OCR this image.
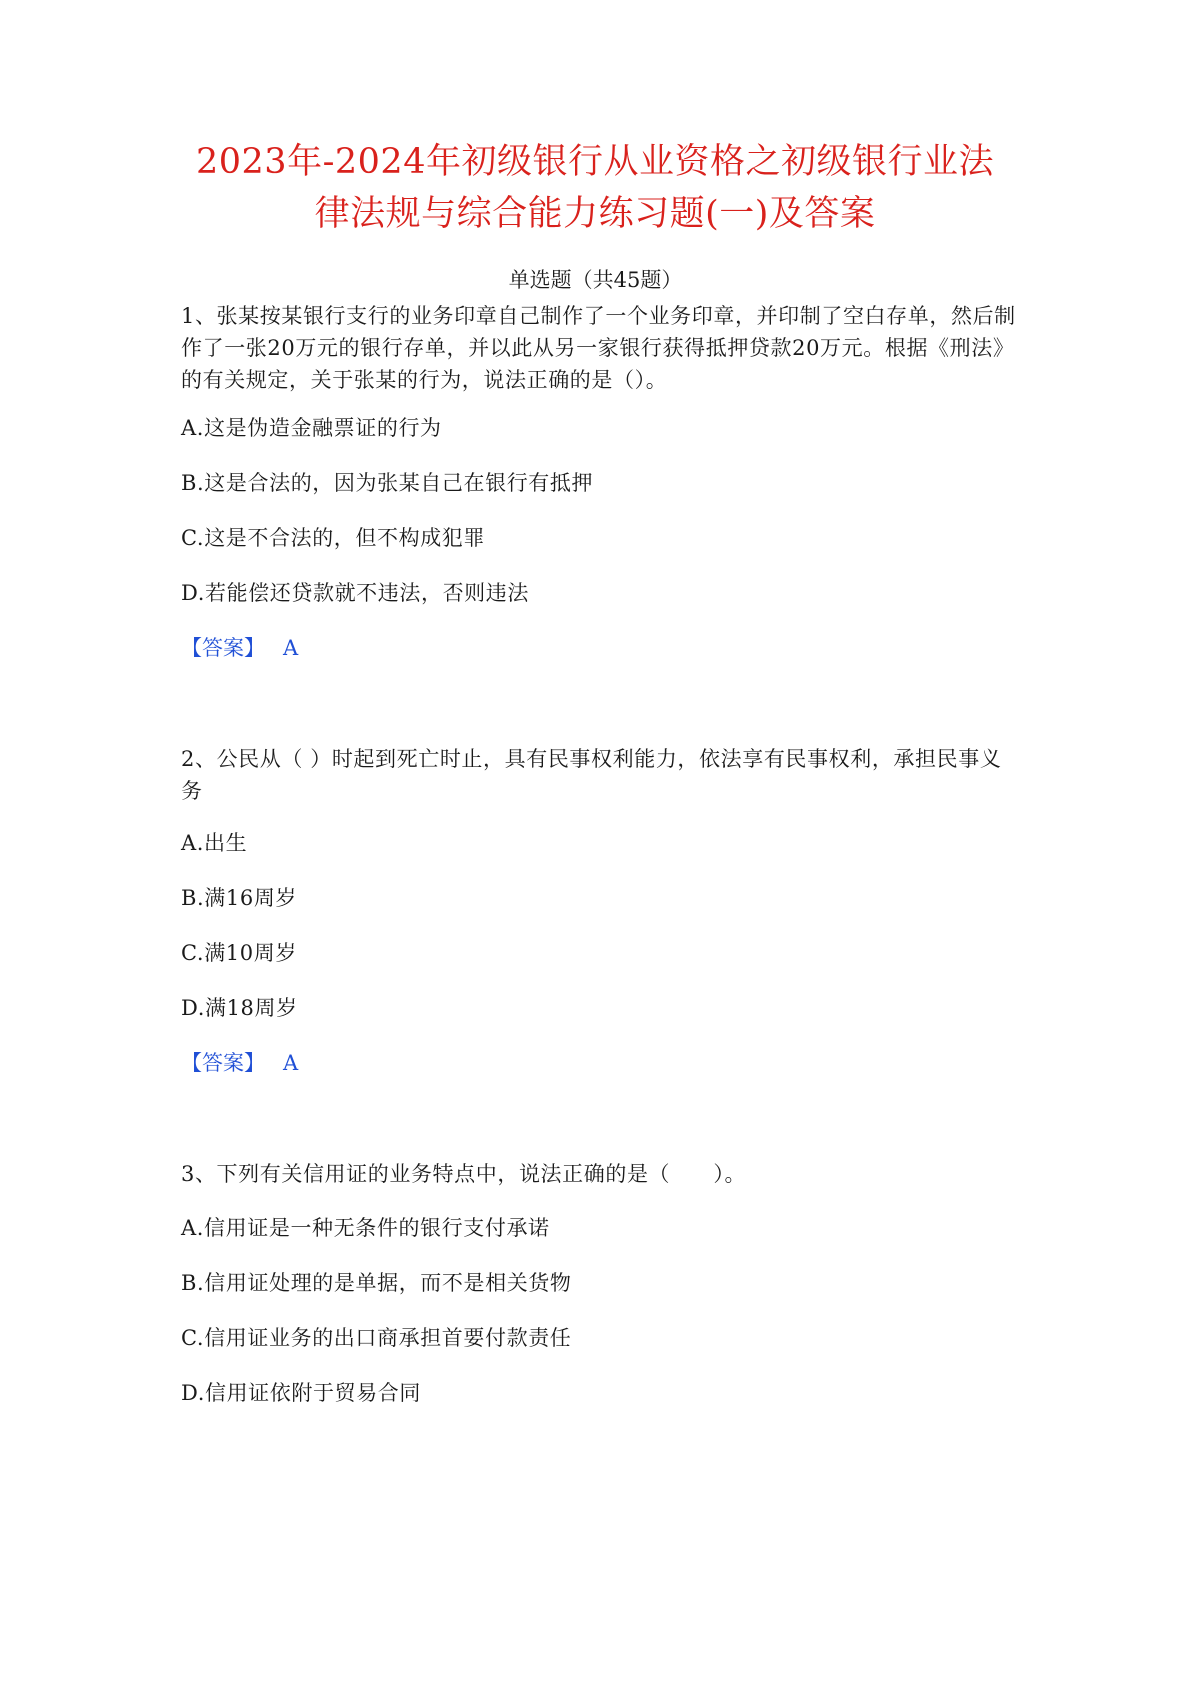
2023年-2024年初级银行从业资格之初级银行业法
律法规与综合能力练习题(一)及答案
单选题（共45题）
1、张某按某银行支行的业务印章自己制作了一个业务印章，并印制了空白存单，然后制作了一张20万元的银行存单，并以此从另一家银行获得抵押贷款20万元。根据《刑法》的有关规定，关于张某的行为，说法正确的是（）。
A.这是伪造金融票证的行为
B.这是合法的，因为张某自己在银行有抵押
C.这是不合法的，但不构成犯罪
D.若能偿还贷款就不违法，否则违法
【答案】 A
2、公民从（ ）时起到死亡时止，具有民事权利能力，依法享有民事权利，承担民事义务
A.出生
B.满16周岁
C.满10周岁
D.满18周岁
【答案】 A
3、下列有关信用证的业务特点中，说法正确的是（　　）。
A.信用证是一种无条件的银行支付承诺
B.信用证处理的是单据，而不是相关货物
C.信用证业务的出口商承担首要付款责任
D.信用证依附于贸易合同
